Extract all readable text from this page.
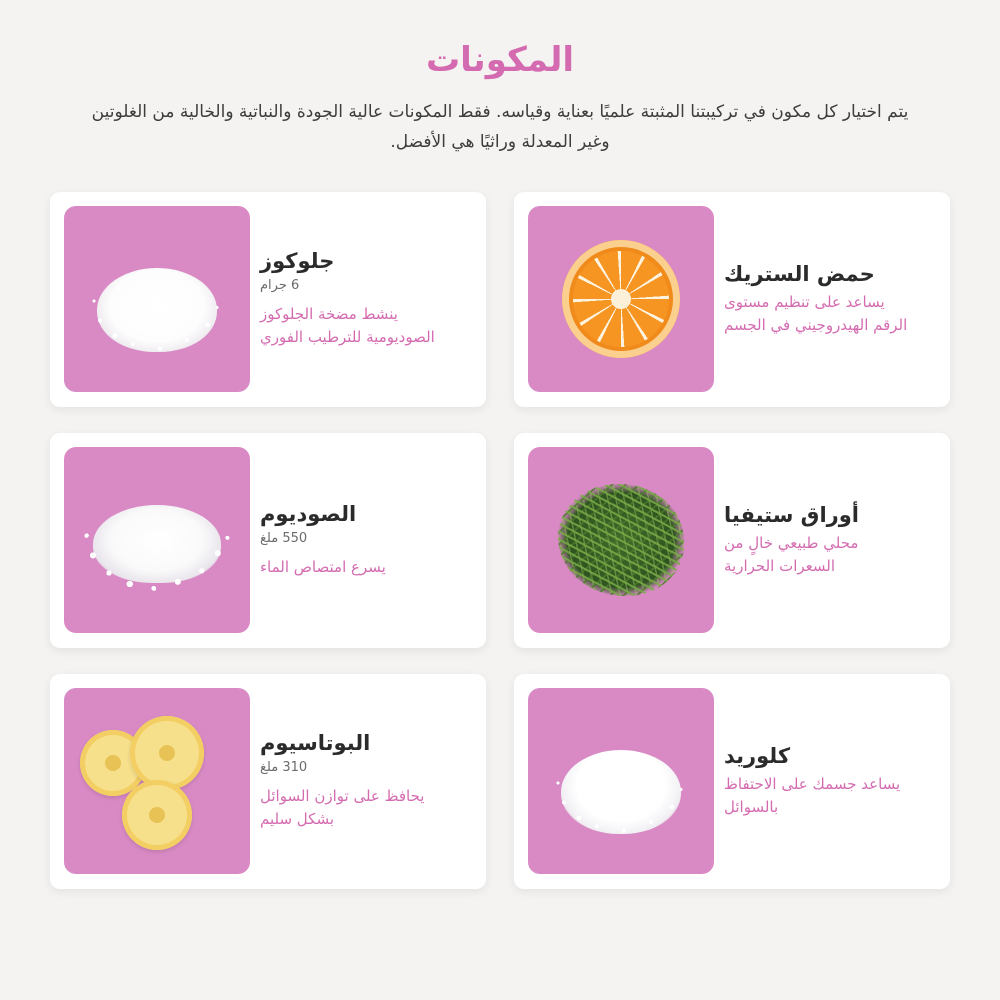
المكونات
يتم اختيار كل مكون في تركيبتنا المثبتة علميًا بعناية وقياسه. فقط المكونات عالية الجودة والنباتية والخالية من الغلوتين وغير المعدلة وراثيًا هي الأفضل.
حمض الستريك
يساعد على تنظيم مستوى الرقم الهيدروجيني في الجسم
جلوكوز
6 جرام
ينشط مضخة الجلوكوز الصوديومية للترطيب الفوري
أوراق ستيفيا
محلي طبيعي خالٍ من السعرات الحرارية
الصوديوم
550 ملغ
يسرع امتصاص الماء
كلوريد
يساعد جسمك على الاحتفاظ بالسوائل
البوتاسيوم
310 ملغ
يحافظ على توازن السوائل بشكل سليم
